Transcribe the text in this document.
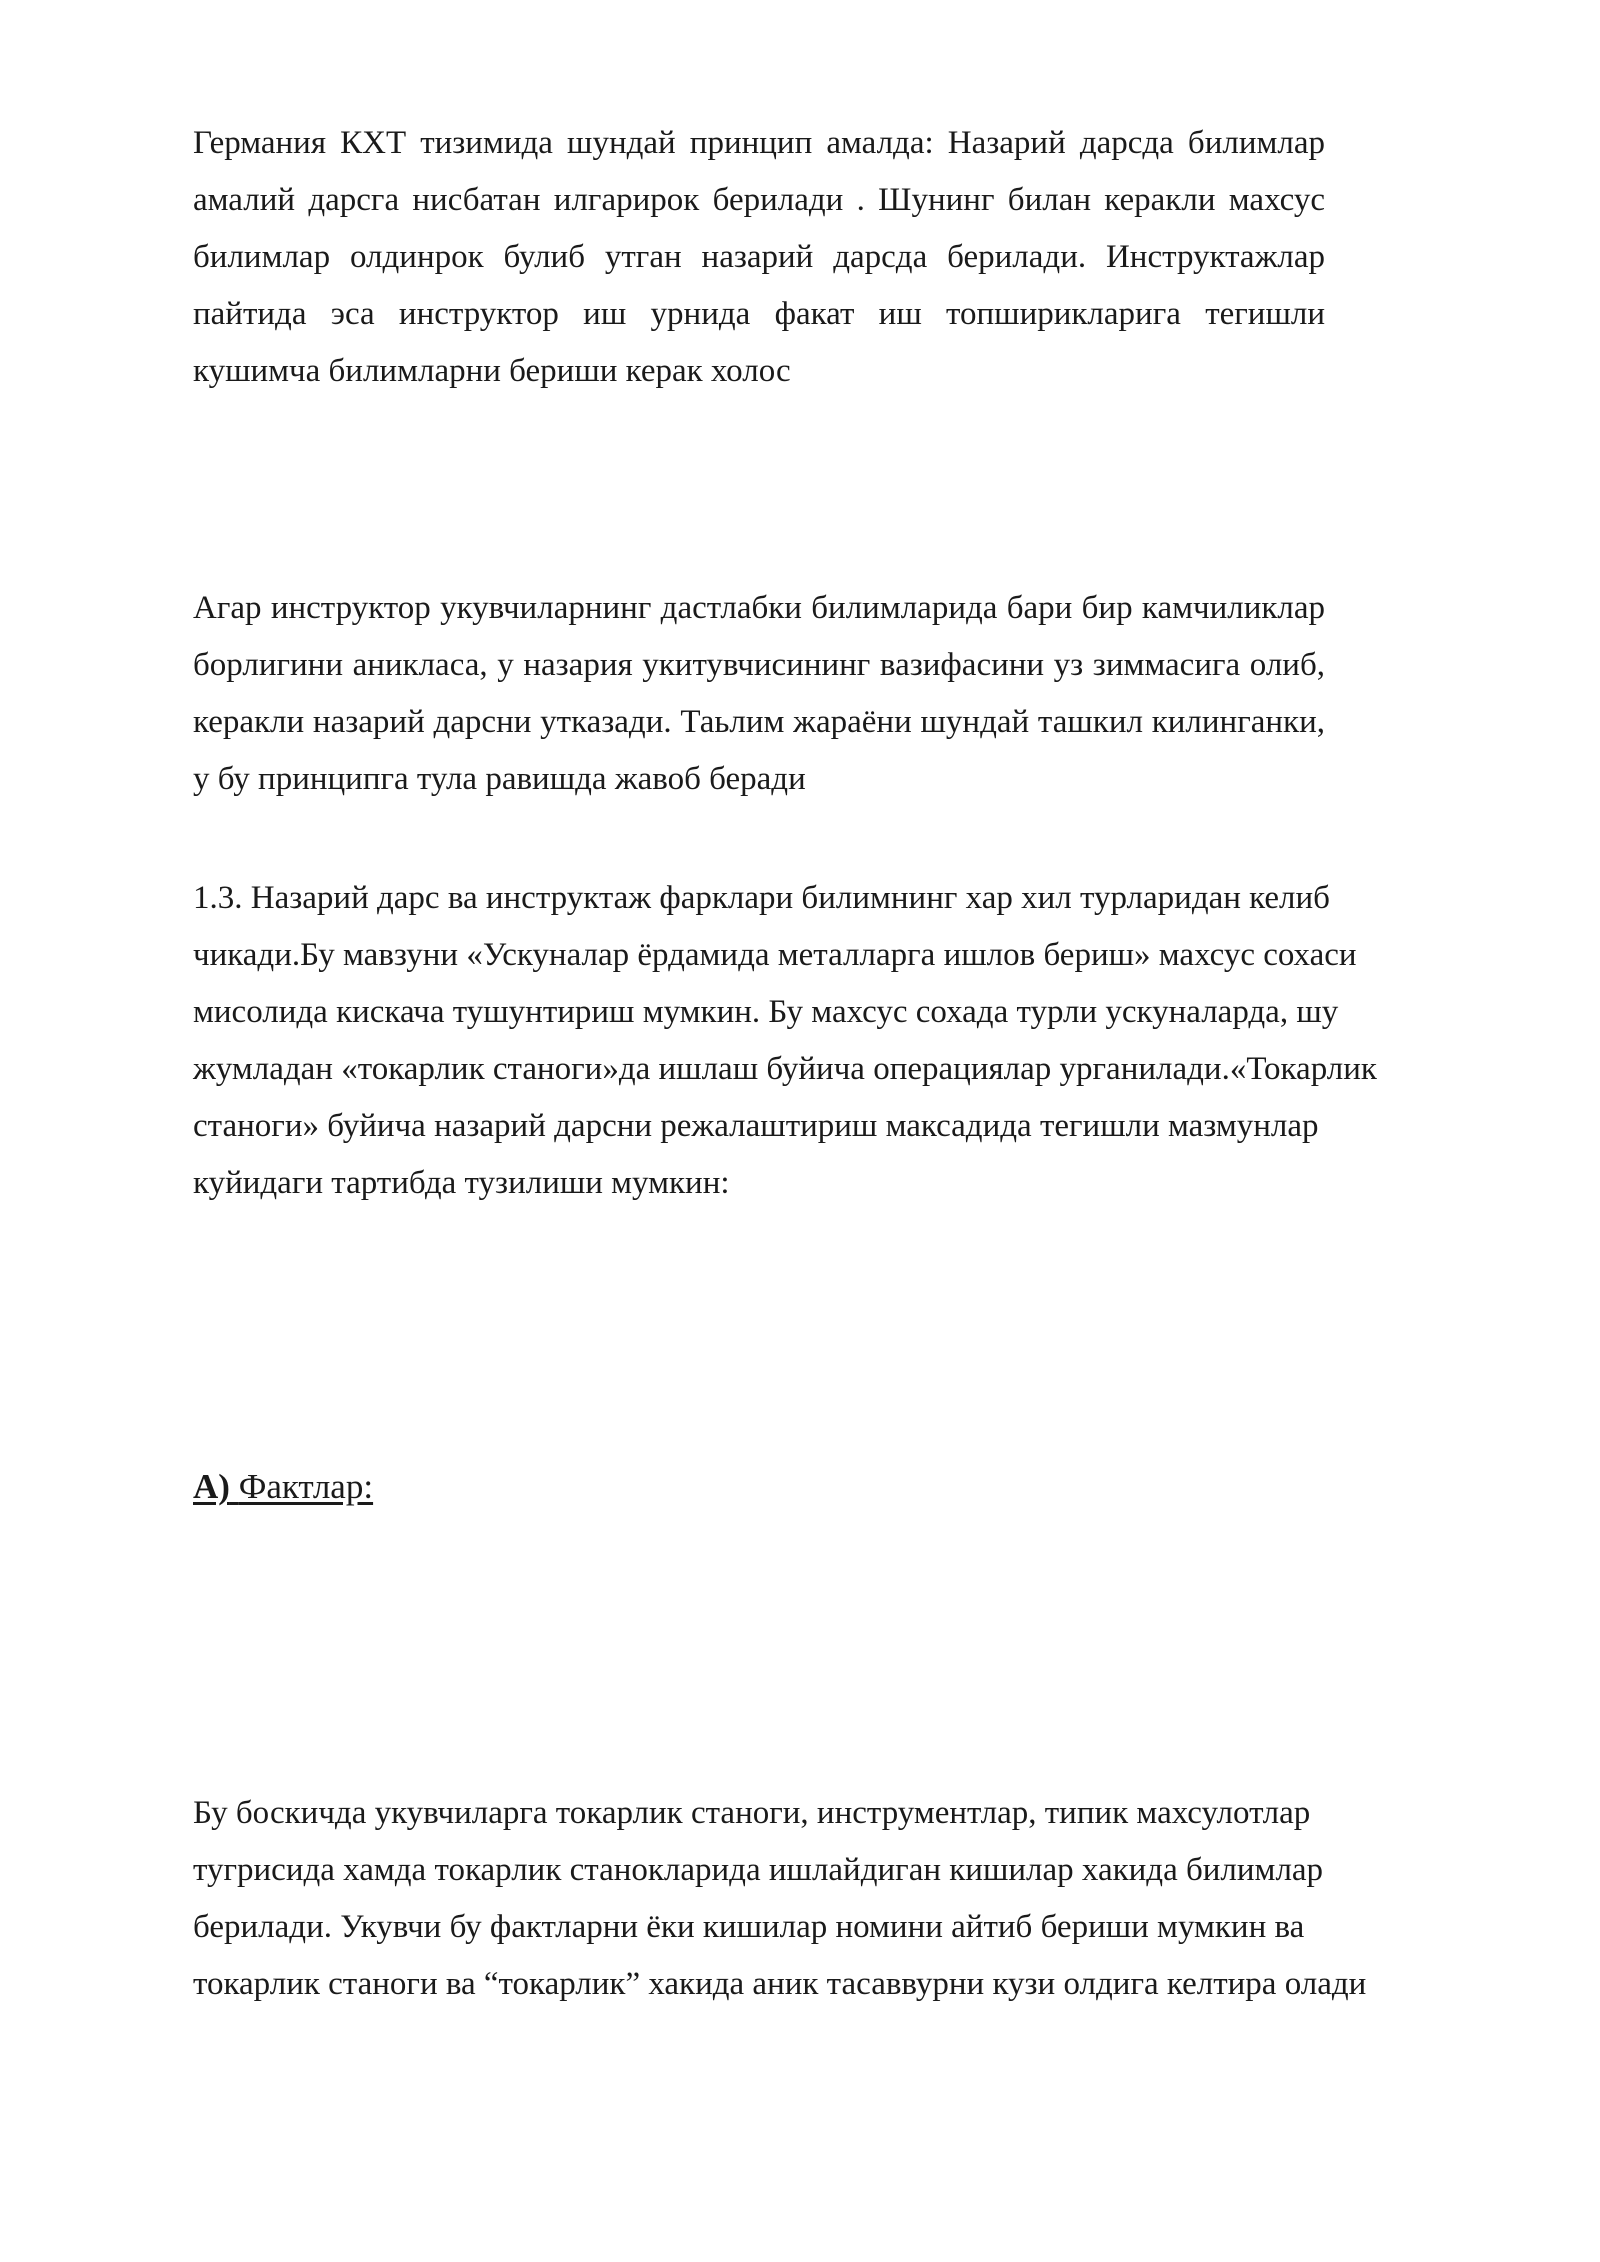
Германия КХТ тизимида шундай принцип амалда: Назарий дарсда билимлар амалий дарсга нисбатан илгарирок берилади . Шунинг билан керакли махсус билимлар олдинрок булиб утган назарий дарсда берилади. Инструктажлар пайтида эса инструктор иш урнида факат иш топширикларига тегишли кушимча билимларни бериши керак холос

Агар инструктор укувчиларнинг дастлабки билимларида бари бир камчиликлар борлигини аникласа, у назария укитувчисининг вазифасини уз зиммасига олиб, керакли назарий дарсни утказади. Таьлим жараёни шундай ташкил килинганки, у бу принципга тула равишда жавоб беради

1.3. Назарий дарс ва инструктаж фарклари билимнинг хар хил турларидан келиб чикади.Бу мавзуни «Ускуналар ёрдамида металларга ишлов бериш» махсус сохаси мисолида кискача тушунтириш мумкин. Бу махсус сохада турли ускуналарда, шу жумладан «токарлик станоги»да ишлаш буйича операциялар урганилади.«Токарлик станоги» буйича назарий дарсни режалаштириш максадида тегишли мазмунлар куйидаги тартибда тузилиши мумкин:

А) Фактлар:

Бу боскичда укувчиларга токарлик станоги, инструментлар, типик махсулотлар тугрисида хамда токарлик станокларида ишлайдиган кишилар хакида билимлар берилади. Укувчи бу фактларни ёки кишилар номини айтиб бериши мумкин ва токарлик станоги ва “токарлик” хакида аник тасаввурни кузи олдига келтира олади
